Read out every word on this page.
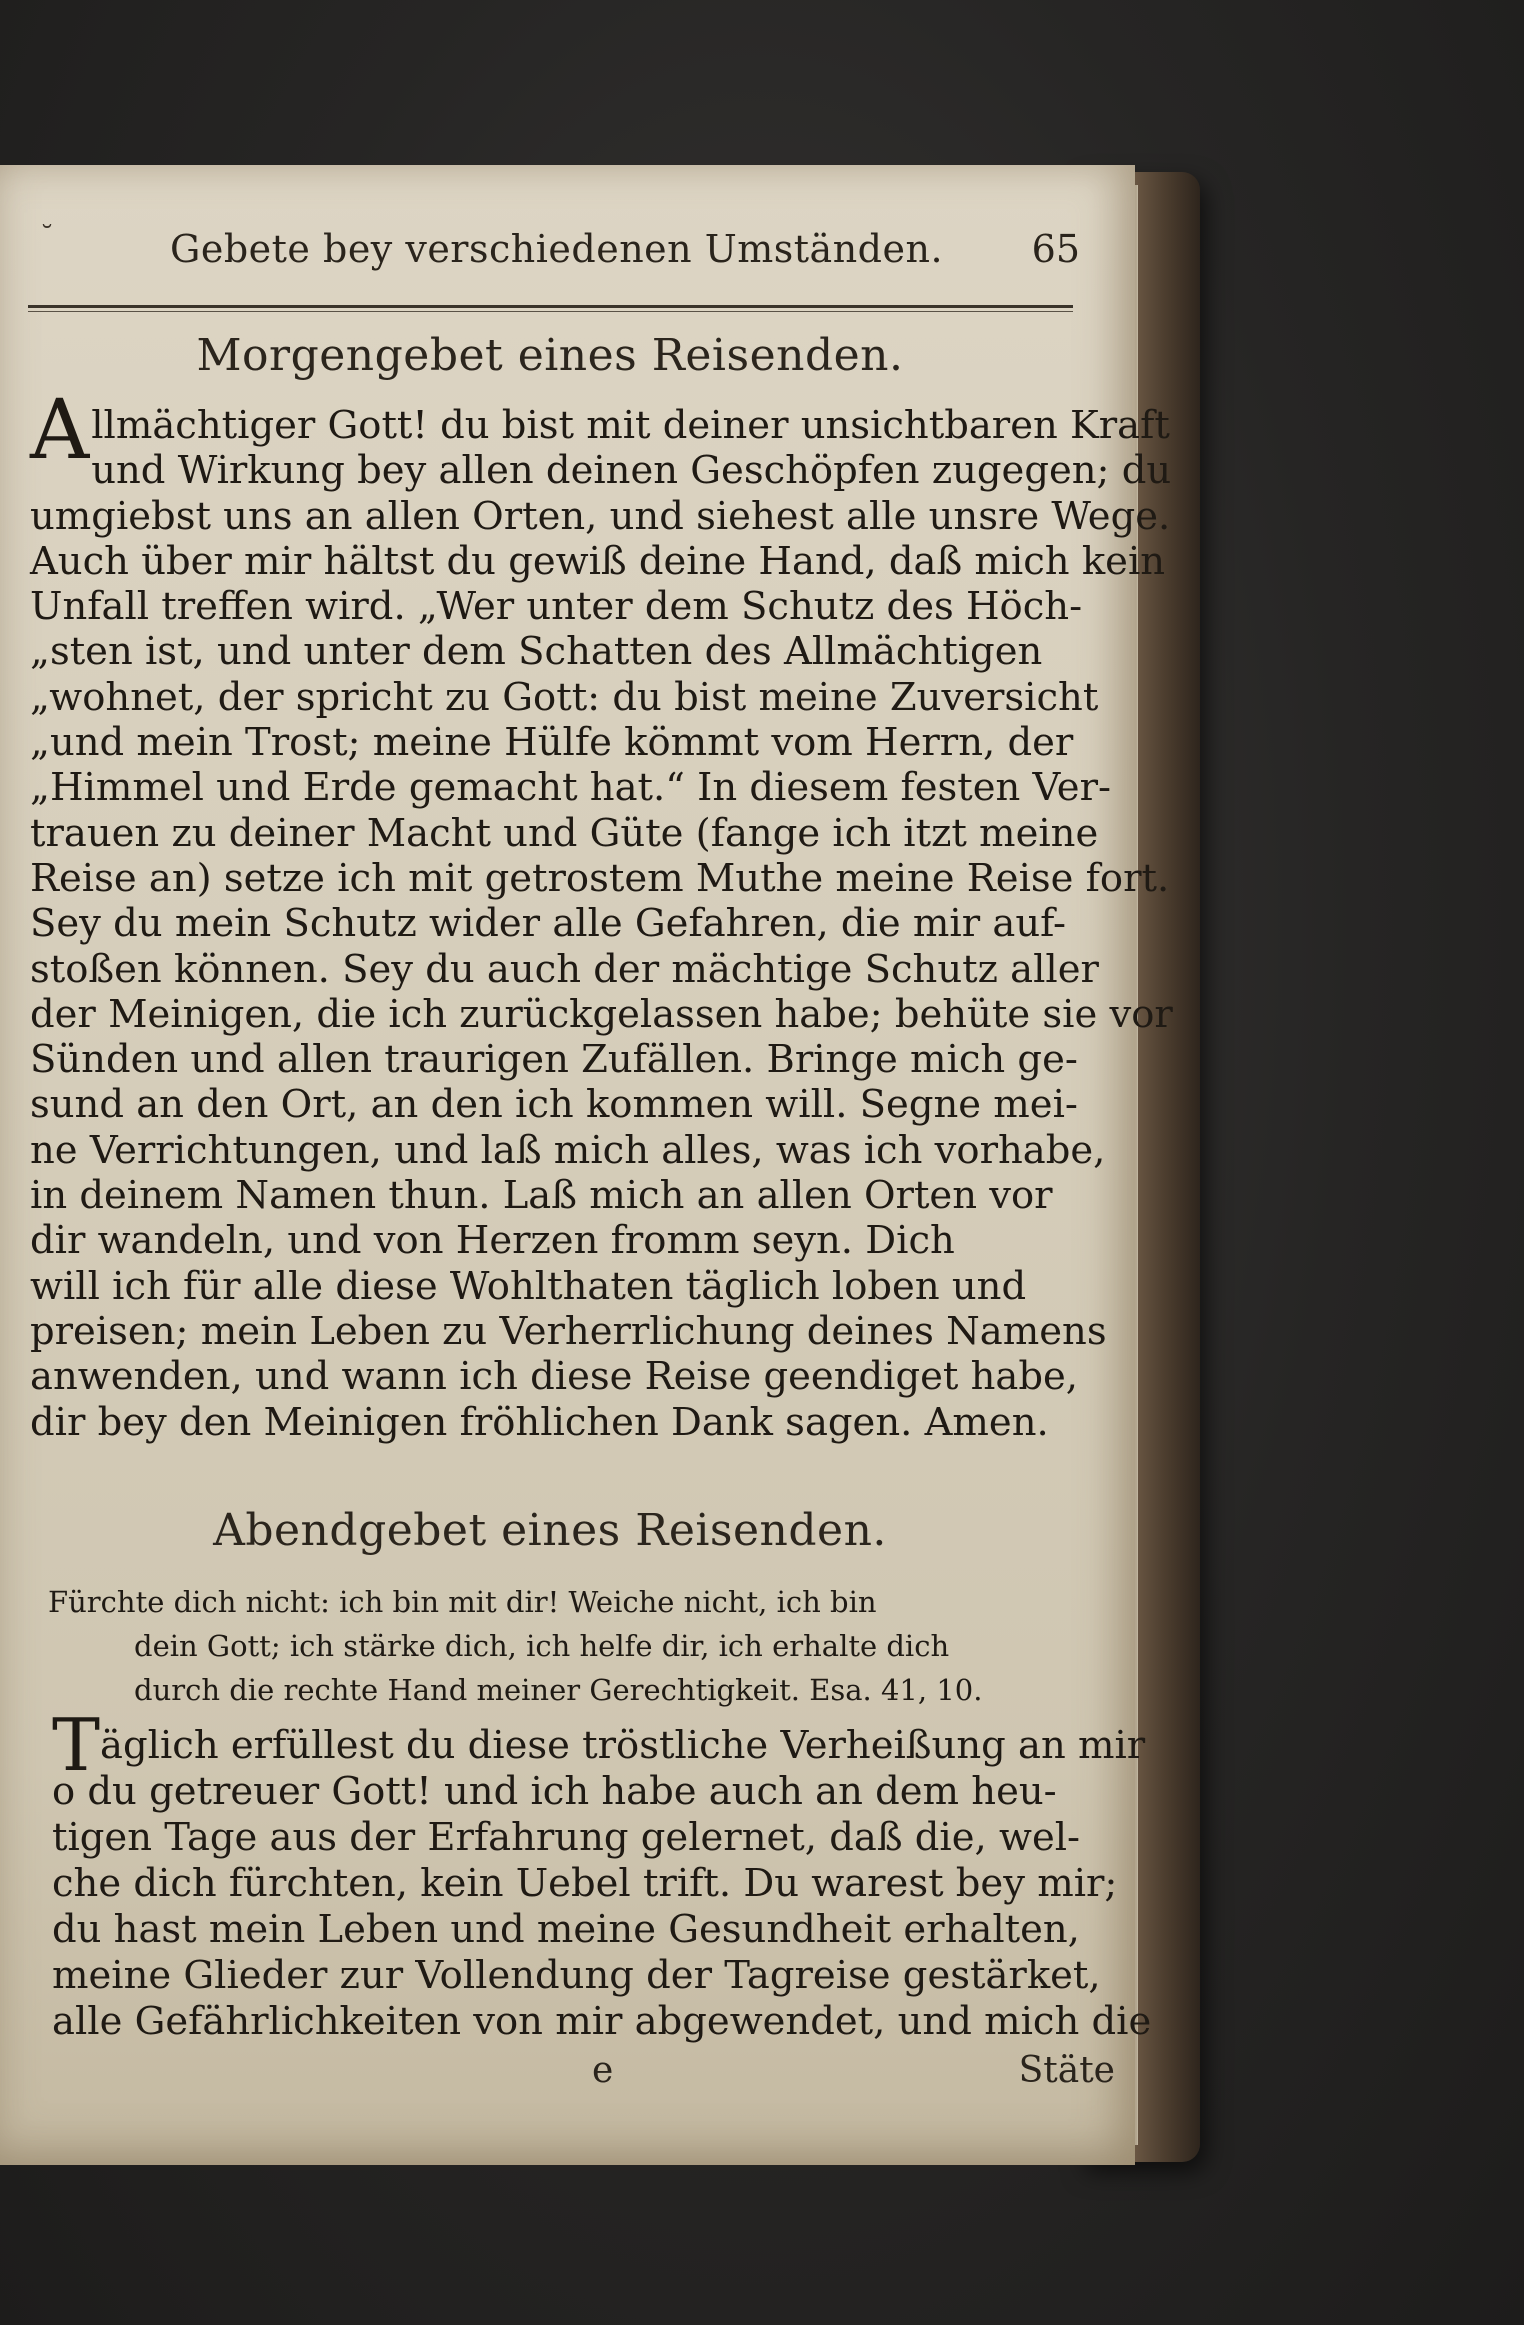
˘	Gebete bey verschiedenen Umständen. 65
Morgengebet eines Reisenden.
Allmächtiger Gott! du bist mit deiner unsichtbaren Kraft
und Wirkung bey allen deinen Geschöpfen zugegen; du
umgiebst uns an allen Orten, und siehest alle unsre Wege.
Auch über mir hältst du gewiß deine Hand, daß mich kein
Unfall treffen wird. „Wer unter dem Schutz des Höch-
„sten ist, und unter dem Schatten des Allmächtigen
„wohnet, der spricht zu Gott: du bist meine Zuversicht
„und mein Trost; meine Hülfe kömmt vom Herrn, der
„Himmel und Erde gemacht hat.“ In diesem festen Ver-
trauen zu deiner Macht und Güte (fange ich itzt meine
Reise an) setze ich mit getrostem Muthe meine Reise fort.
Sey du mein Schutz wider alle Gefahren, die mir auf-
stoßen können. Sey du auch der mächtige Schutz aller
der Meinigen, die ich zurückgelassen habe; behüte sie vor
Sünden und allen traurigen Zufällen. Bringe mich ge-
sund an den Ort, an den ich kommen will. Segne mei-
ne Verrichtungen, und laß mich alles, was ich vorhabe,
in deinem Namen thun. Laß mich an allen Orten vor
dir wandeln, und von Herzen fromm seyn. Dich
will ich für alle diese Wohlthaten täglich loben und
preisen; mein Leben zu Verherrlichung deines Namens
anwenden, und wann ich diese Reise geendiget habe,
dir bey den Meinigen fröhlichen Dank sagen. Amen.
Abendgebet eines Reisenden.
Fürchte dich nicht: ich bin mit dir! Weiche nicht, ich bin
dein Gott; ich stärke dich, ich helfe dir, ich erhalte dich
durch die rechte Hand meiner Gerechtigkeit. Esa. 41, 10.
Täglich erfüllest du diese tröstliche Verheißung an mir
o du getreuer Gott! und ich habe auch an dem heu-
tigen Tage aus der Erfahrung gelernet, daß die, wel-
che dich fürchten, kein Uebel trift. Du warest bey mir;
du hast mein Leben und meine Gesundheit erhalten,
meine Glieder zur Vollendung der Tagreise gestärket,
alle Gefährlichkeiten von mir abgewendet, und mich die
e	Stäte
